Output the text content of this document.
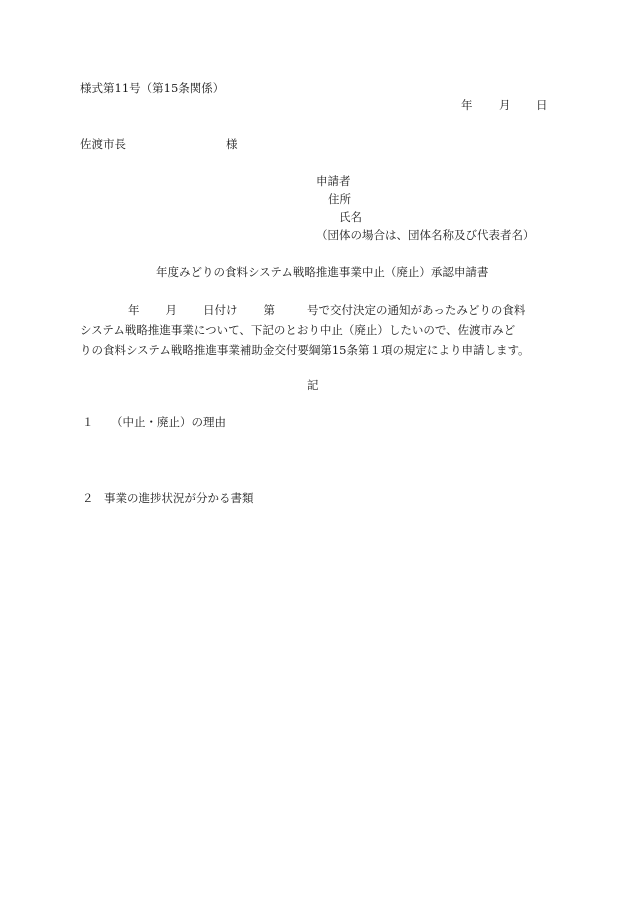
様式第11号（第15条関係）
年 月 日
佐渡市長	様
申請者
住所
氏名
（団体の場合は、団体名称及び代表者名）
年度みどりの食料システム戦略推進事業中止（廃止）承認申請書
年 月 日付け 第	号で交付決定の通知があったみどりの食料
システム戦略推進事業について、下記のとおり中止（廃止）したいので、佐渡市みど
りの食料システム戦略推進事業補助金交付要綱第15条第１項の規定により申請します。
記
１ （中止・廃止）の理由
２ 事業の進捗状況が分かる書類
